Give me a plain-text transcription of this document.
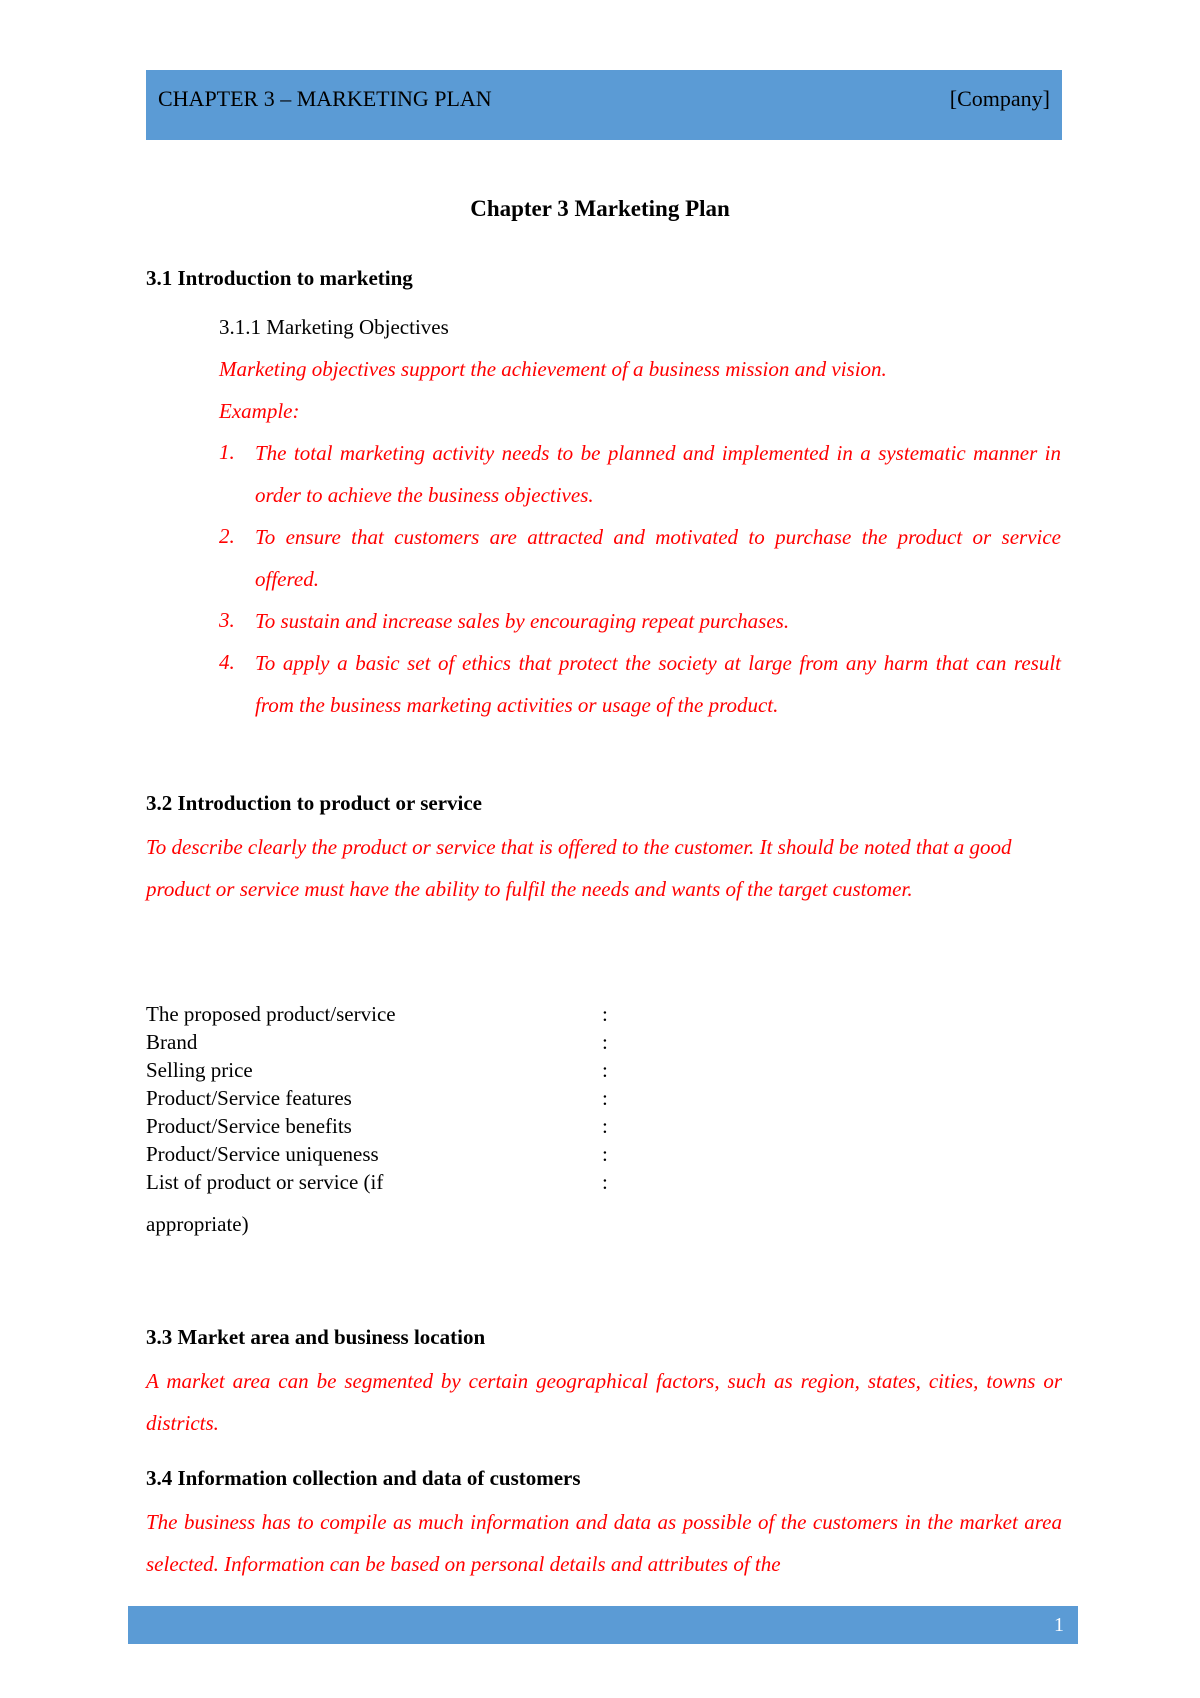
CHAPTER 3 – MARKETING PLAN	[Company]
Chapter 3 Marketing Plan
3.1 Introduction to marketing
3.1.1 Marketing Objectives
Marketing objectives support the achievement of a business mission and vision.
Example:
1. The total marketing activity needs to be planned and implemented in a systematic manner in order to achieve the business objectives.
2. To ensure that customers are attracted and motivated to purchase the product or service offered.
3. To sustain and increase sales by encouraging repeat purchases.
4. To apply a basic set of ethics that protect the society at large from any harm that can result from the business marketing activities or usage of the product.
3.2 Introduction to product or service
To describe clearly the product or service that is offered to the customer. It should be noted that a good product or service must have the ability to fulfil the needs and wants of the target customer.
The proposed product/service	:
Brand	:
Selling price	:
Product/Service features	:
Product/Service benefits	:
Product/Service uniqueness	:
List of product or service (if	:
appropriate)
3.3 Market area and business location
A market area can be segmented by certain geographical factors, such as region, states, cities, towns or districts.
3.4 Information collection and data of customers
The business has to compile as much information and data as possible of the customers in the market area selected. Information can be based on personal details and attributes of the
1
